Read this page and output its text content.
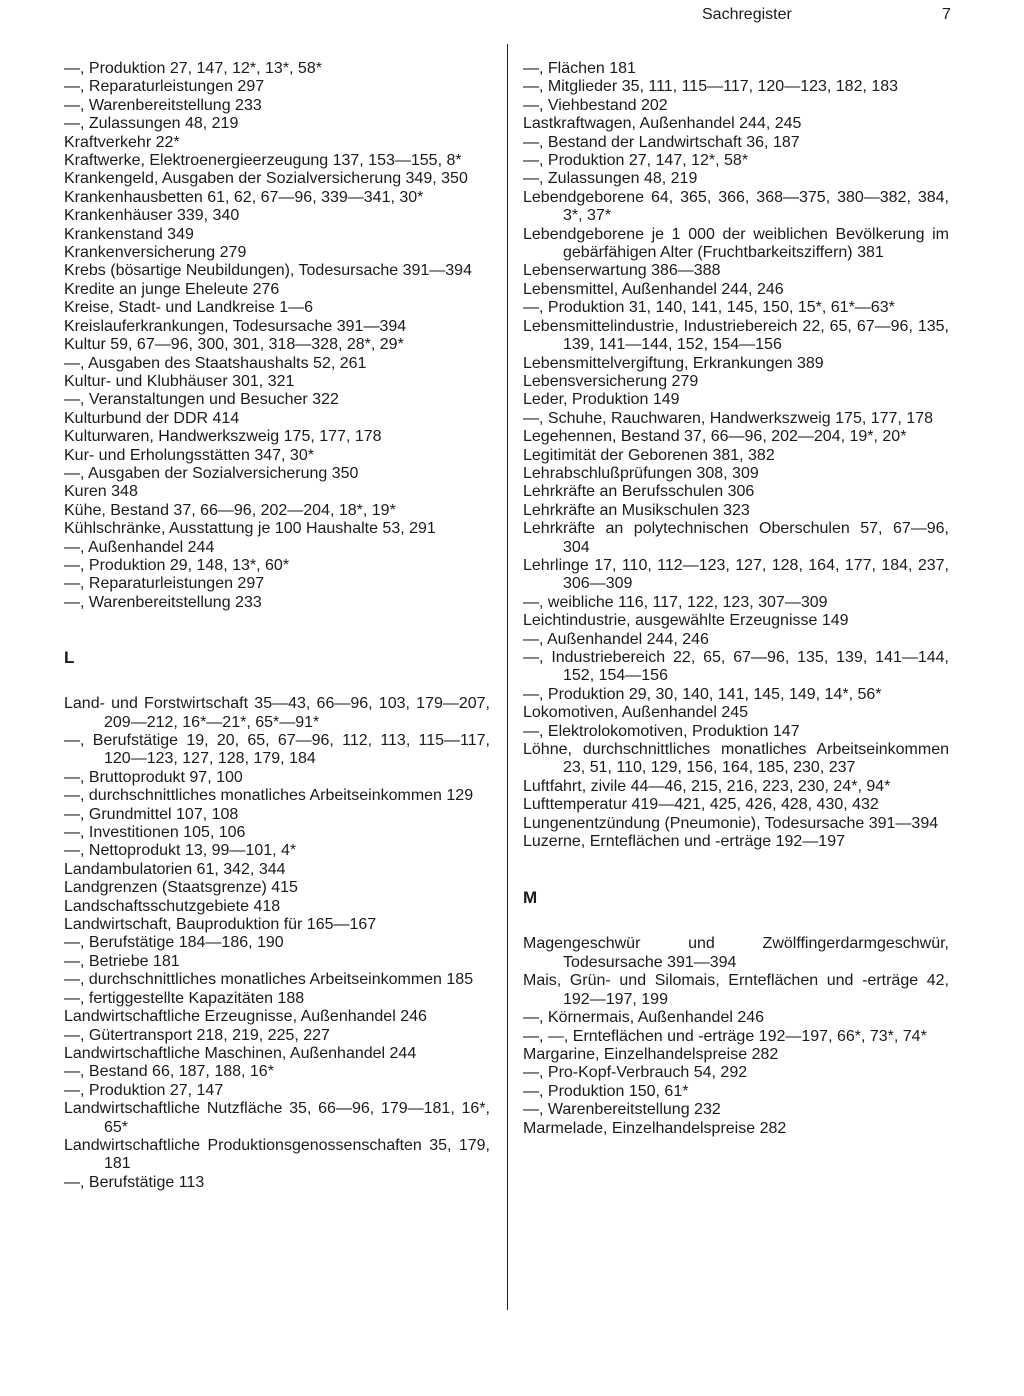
Sachregister	7

—, Produktion 27, 147, 12*, 13*, 58*

—, Reparaturleistungen 297

—, Warenbereitstellung 233

—, Zulassungen 48, 219

Kraftverkehr 22*

Kraftwerke, Elektroenergieerzeugung 137, 153—155, 8*

Krankengeld, Ausgaben der Sozialversicherung 349, 350

Krankenhausbetten 61, 62, 67—96, 339—341, 30*

Krankenhäuser 339, 340

Krankenstand 349

Krankenversicherung 279

Krebs (bösartige Neubildungen), Todesursache 391—394

Kredite an junge Eheleute 276

Kreise, Stadt- und Landkreise 1—6

Kreislauferkrankungen, Todesursache 391—394

Kultur 59, 67—96, 300, 301, 318—328, 28*, 29*

—, Ausgaben des Staatshaushalts 52, 261

Kultur- und Klubhäuser 301, 321

—, Veranstaltungen und Besucher 322

Kulturbund der DDR 414

Kulturwaren, Handwerkszweig 175, 177, 178

Kur- und Erholungsstätten 347, 30*

—, Ausgaben der Sozialversicherung 350

Kuren 348

Kühe, Bestand 37, 66—96, 202—204, 18*, 19*

Kühlschränke, Ausstattung je 100 Haushalte 53, 291

—, Außenhandel 244

—, Produktion 29, 148, 13*, 60*

—, Reparaturleistungen 297

—, Warenbereitstellung 233

L

Land- und Forstwirtschaft 35—43, 66—96, 103, 179—207, 209—212, 16*—21*, 65*—91*

—, Berufstätige 19, 20, 65, 67—96, 112, 113, 115—117, 120—123, 127, 128, 179, 184

—, Bruttoprodukt 97, 100

—, durchschnittliches monatliches Arbeitseinkommen 129

—, Grundmittel 107, 108

—, Investitionen 105, 106

—, Nettoprodukt 13, 99—101, 4*

Landambulatorien 61, 342, 344

Landgrenzen (Staatsgrenze) 415

Landschaftsschutzgebiete 418

Landwirtschaft, Bauproduktion für 165—167

—, Berufstätige 184—186, 190

—, Betriebe 181

—, durchschnittliches monatliches Arbeitseinkommen 185

—, fertiggestellte Kapazitäten 188

Landwirtschaftliche Erzeugnisse, Außenhandel 246

—, Gütertransport 218, 219, 225, 227

Landwirtschaftliche Maschinen, Außenhandel 244

—, Bestand 66, 187, 188, 16*

—, Produktion 27, 147

Landwirtschaftliche Nutzfläche 35, 66—96, 179—181, 16*, 65*

Landwirtschaftliche Produktionsgenossenschaften 35, 179, 181

—, Berufstätige 113

—, Flächen 181

—, Mitglieder 35, 111, 115—117, 120—123, 182, 183

—, Viehbestand 202

Lastkraftwagen, Außenhandel 244, 245

—, Bestand der Landwirtschaft 36, 187

—, Produktion 27, 147, 12*, 58*

—, Zulassungen 48, 219

Lebendgeborene 64, 365, 366, 368—375, 380—382, 384, 3*, 37*

Lebendgeborene je 1 000 der weiblichen Bevölkerung im gebärfähigen Alter (Fruchtbarkeitsziffern) 381

Lebenserwartung 386—388

Lebensmittel, Außenhandel 244, 246

—, Produktion 31, 140, 141, 145, 150, 15*, 61*—63*

Lebensmittelindustrie, Industriebereich 22, 65, 67—96, 135, 139, 141—144, 152, 154—156

Lebensmittelvergiftung, Erkrankungen 389

Lebensversicherung 279

Leder, Produktion 149

—, Schuhe, Rauchwaren, Handwerkszweig 175, 177, 178

Legehennen, Bestand 37, 66—96, 202—204, 19*, 20*

Legitimität der Geborenen 381, 382

Lehrabschlußprüfungen 308, 309

Lehrkräfte an Berufsschulen 306

Lehrkräfte an Musikschulen 323

Lehrkräfte an polytechnischen Oberschulen 57, 67—96, 304

Lehrlinge 17, 110, 112—123, 127, 128, 164, 177, 184, 237, 306—309

—, weibliche 116, 117, 122, 123, 307—309

Leichtindustrie, ausgewählte Erzeugnisse 149

—, Außenhandel 244, 246

—, Industriebereich 22, 65, 67—96, 135, 139, 141—144, 152, 154—156

—, Produktion 29, 30, 140, 141, 145, 149, 14*, 56*

Lokomotiven, Außenhandel 245

—, Elektrolokomotiven, Produktion 147

Löhne, durchschnittliches monatliches Arbeitseinkommen 23, 51, 110, 129, 156, 164, 185, 230, 237

Luftfahrt, zivile 44—46, 215, 216, 223, 230, 24*, 94*

Lufttemperatur 419—421, 425, 426, 428, 430, 432

Lungenentzündung (Pneumonie), Todesursache 391—394

Luzerne, Ernteflächen und -erträge 192—197

M

Magengeschwür und Zwölffingerdarmgeschwür, Todesursache 391—394

Mais, Grün- und Silomais, Ernteflächen und -erträge 42, 192—197, 199

—, Körnermais, Außenhandel 246

—, —, Ernteflächen und -erträge 192—197, 66*, 73*, 74*

Margarine, Einzelhandelspreise 282

—, Pro-Kopf-Verbrauch 54, 292

—, Produktion 150, 61*

—, Warenbereitstellung 232

Marmelade, Einzelhandelspreise 282
